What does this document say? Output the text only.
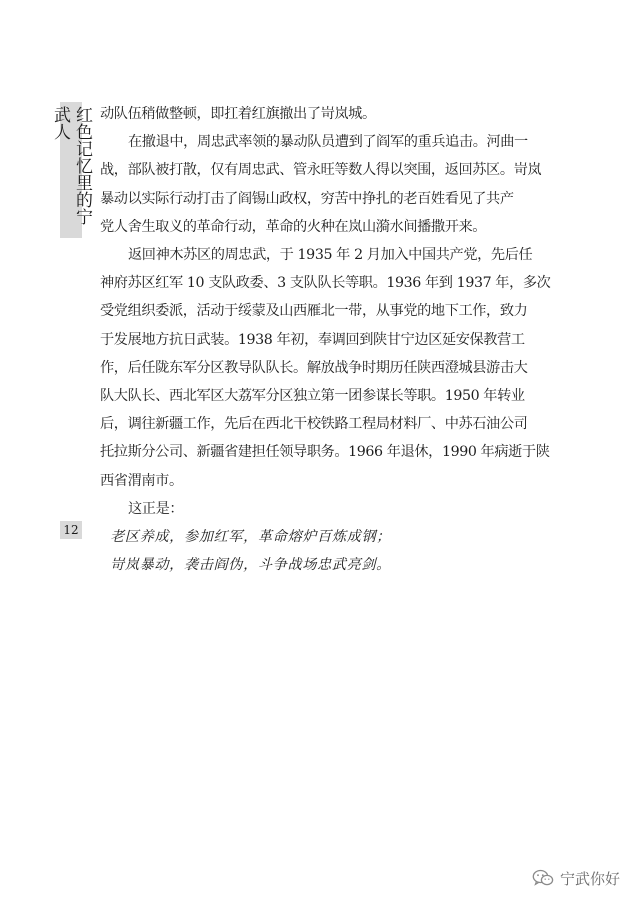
红色记忆里的宁武人
12

动队伍稍做整顿，即扛着红旗撤出了岢岚城。

在撤退中，周忠武率领的暴动队员遭到了阎军的重兵追击。河曲一
战，部队被打散，仅有周忠武、管永旺等数人得以突围，返回苏区。岢岚
暴动以实际行动打击了阎锡山政权，穷苦中挣扎的老百姓看见了共产
党人舍生取义的革命行动，革命的火种在岚山漪水间播撒开来。

返回神木苏区的周忠武，于 1935 年 2 月加入中国共产党，先后任
神府苏区红军 10 支队政委、3 支队队长等职。1936 年到 1937 年，多次
受党组织委派，活动于绥蒙及山西雁北一带，从事党的地下工作，致力
于发展地方抗日武装。1938 年初，奉调回到陕甘宁边区延安保教营工
作，后任陇东军分区教导队队长。解放战争时期历任陕西澄城县游击大
队大队长、西北军区大荔军分区独立第一团参谋长等职。1950 年转业
后，调往新疆工作，先后在西北干校铁路工程局材料厂、中苏石油公司
托拉斯分公司、新疆省建担任领导职务。1966 年退休，1990 年病逝于陕
西省渭南市。

这正是：

老区养成，参加红军，革命熔炉百炼成钢；

岢岚暴动，袭击阎伪，斗争战场忠武亮剑。

宁武你好
